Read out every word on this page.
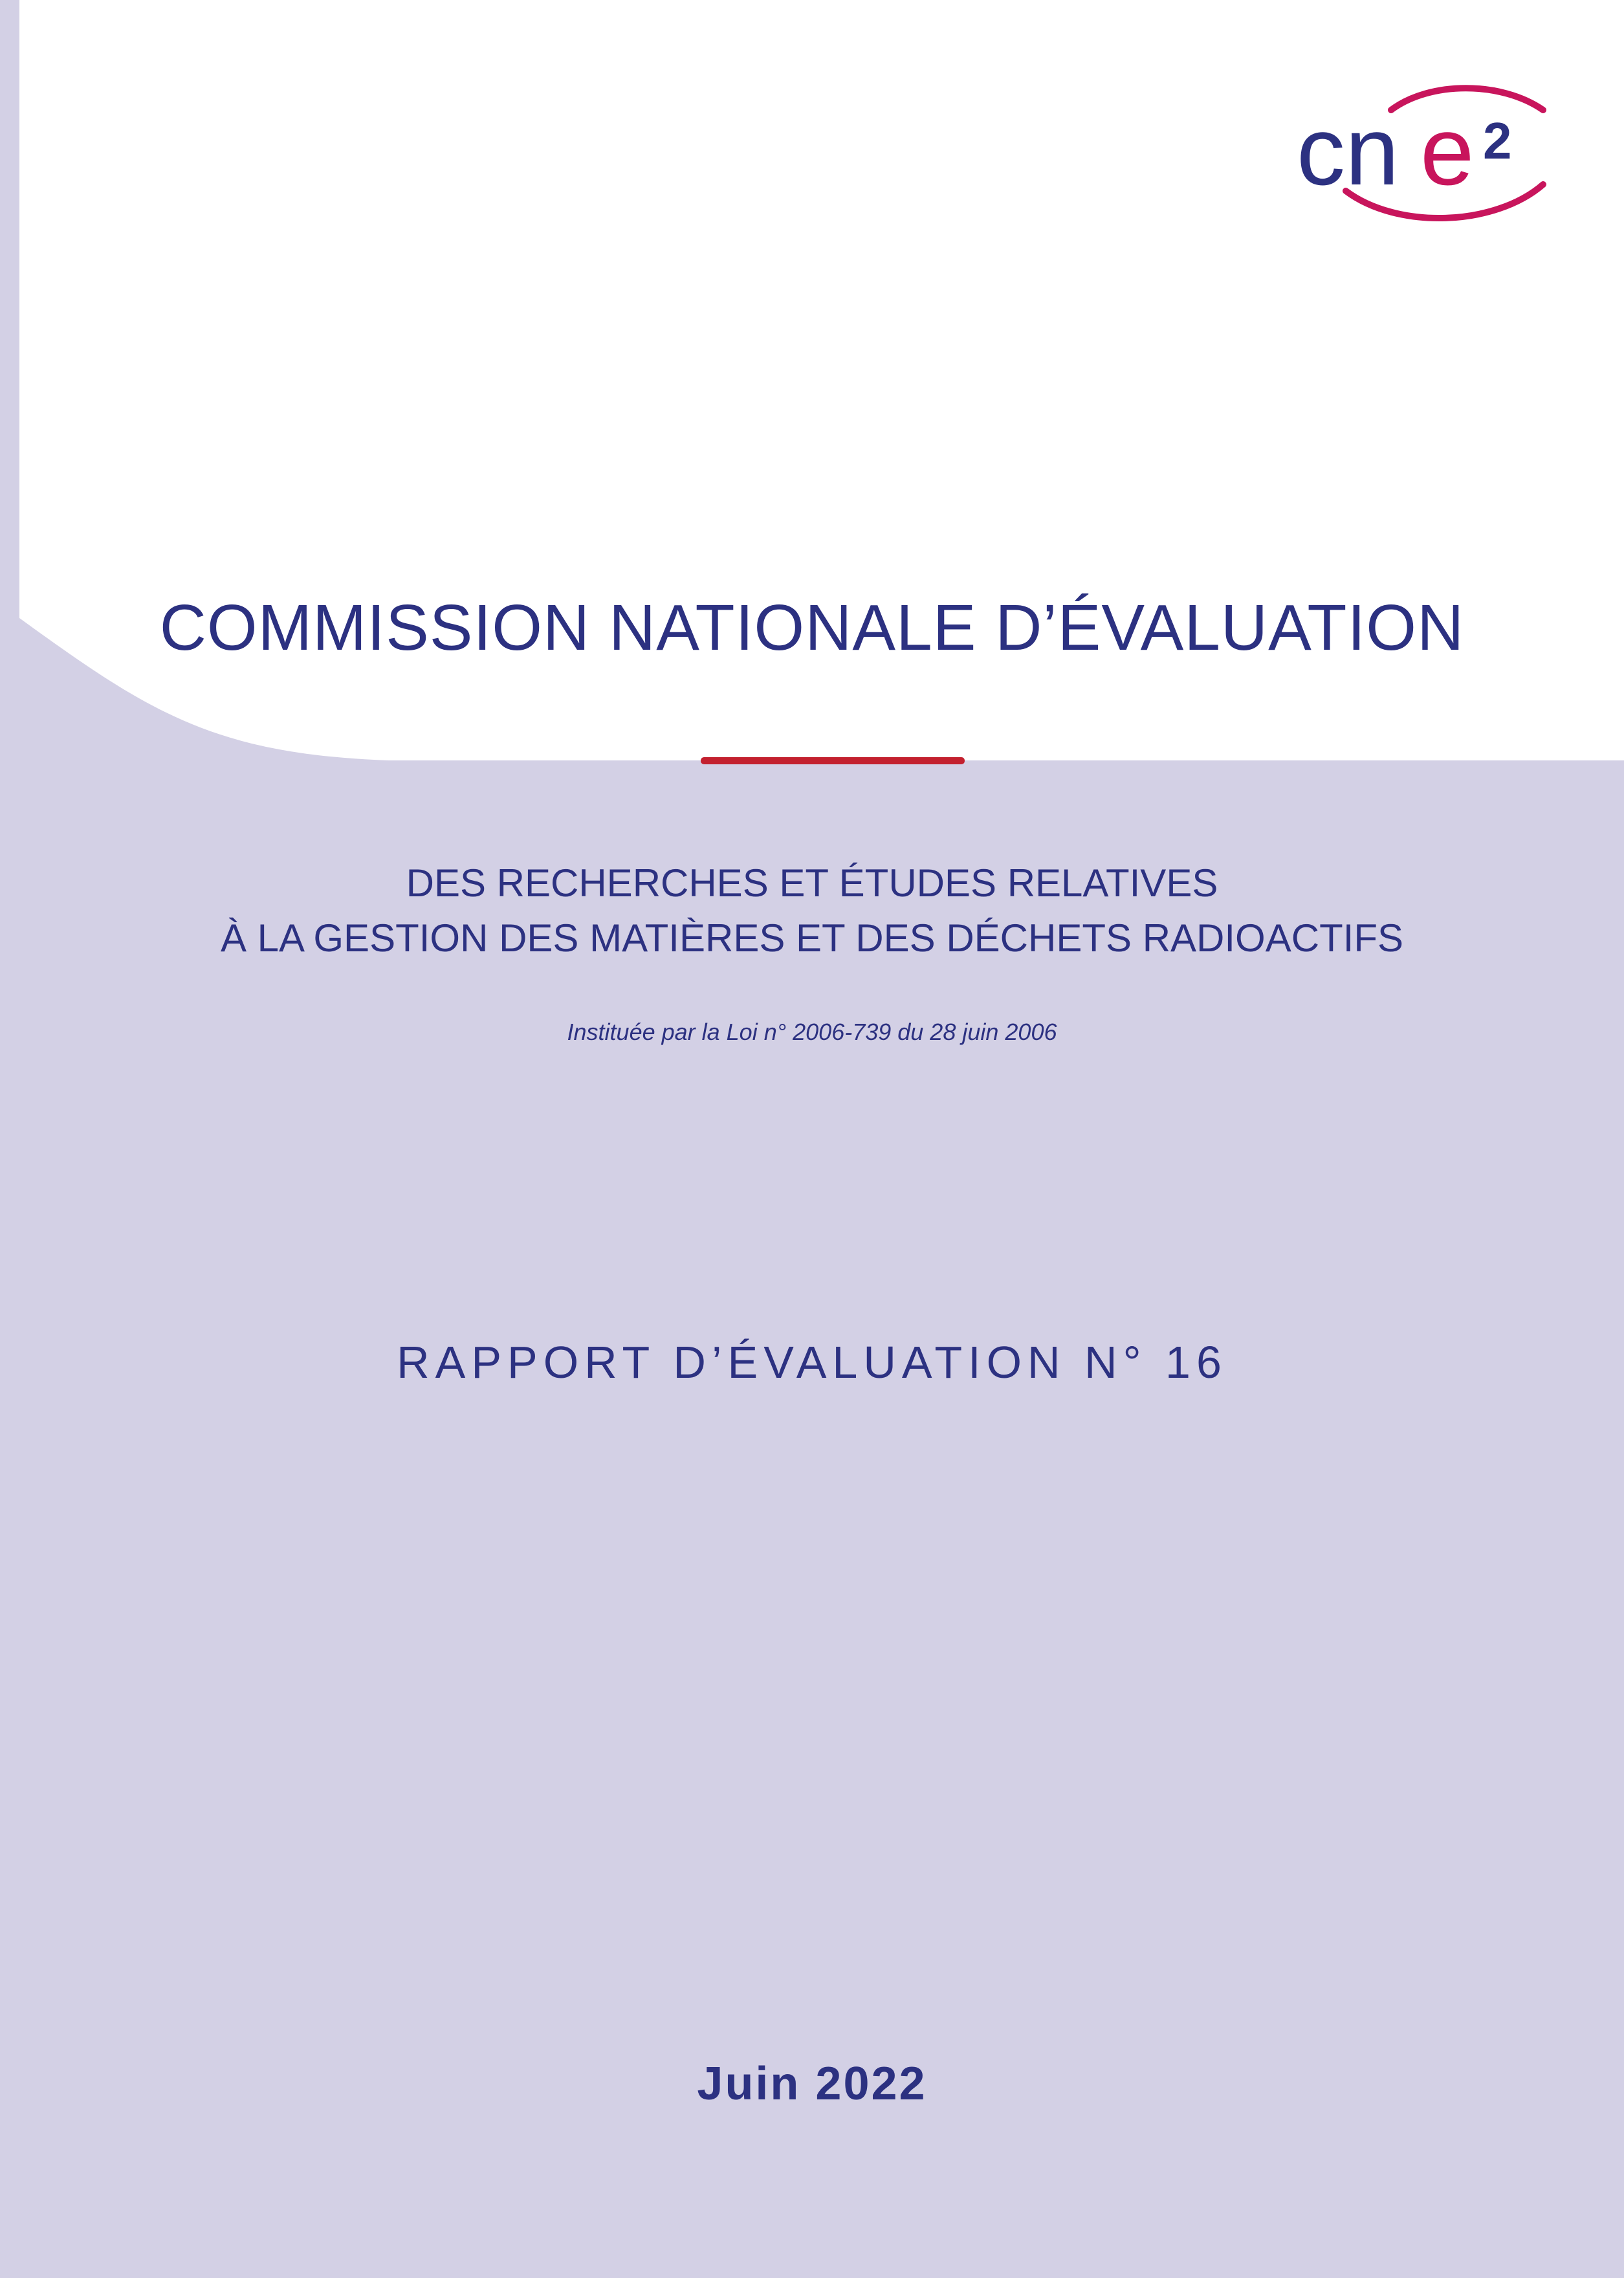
cn e 2
COMMISSION NATIONALE D’ÉVALUATION
DES RECHERCHES ET ÉTUDES RELATIVES
À LA GESTION DES MATIÈRES ET DES DÉCHETS RADIOACTIFS
Instituée par la Loi n° 2006-739 du 28 juin 2006
RAPPORT D’ÉVALUATION N° 16
Juin 2022
